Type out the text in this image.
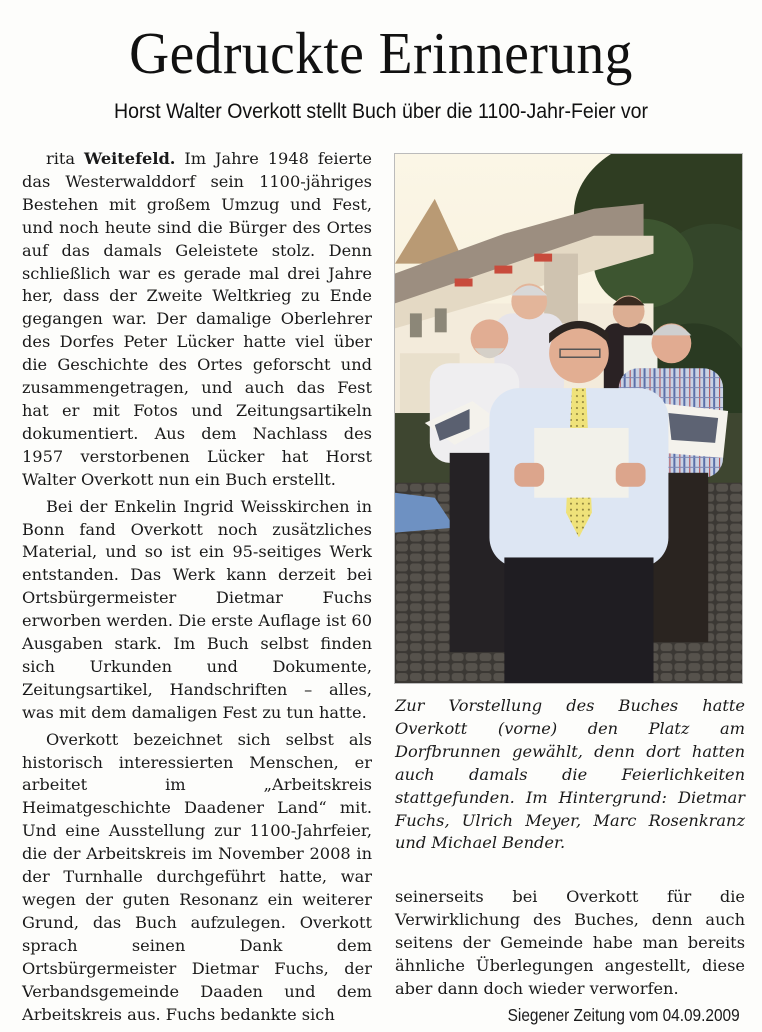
Gedruckte Erinnerung
Horst Walter Overkott stellt Buch über die 1100-Jahr-Feier vor

rita Weitefeld. Im Jahre 1948 feierte das Westerwalddorf sein 1100-jähriges Bestehen mit großem Umzug und Fest, und noch heute sind die Bürger des Ortes auf das damals Geleistete stolz. Denn schließlich war es gerade mal drei Jahre her, dass der Zweite Weltkrieg zu Ende gegangen war. Der damalige Oberlehrer des Dorfes Peter Lücker hatte viel über die Geschichte des Ortes geforscht und zusammengetragen, und auch das Fest hat er mit Fotos und Zeitungsartikeln dokumentiert. Aus dem Nachlass des 1957 verstorbenen Lücker hat Horst Walter Overkott nun ein Buch erstellt.

Bei der Enkelin Ingrid Weisskirchen in Bonn fand Overkott noch zusätzliches Material, und so ist ein 95-seitiges Werk entstanden. Das Werk kann derzeit bei Ortsbürgermeister Dietmar Fuchs erworben werden. Die erste Auflage ist 60 Ausgaben stark. Im Buch selbst finden sich Urkunden und Dokumente, Zeitungsartikel, Handschriften – alles, was mit dem damaligen Fest zu tun hatte.

Overkott bezeichnet sich selbst als historisch interessierten Menschen, er arbeitet im „Arbeitskreis Heimatgeschichte Daadener Land“ mit. Und eine Ausstellung zur 1100-Jahrfeier, die der Arbeitskreis im November 2008 in der Turnhalle durchgeführt hatte, war wegen der guten Resonanz ein weiterer Grund, das Buch aufzulegen. Overkott sprach seinen Dank dem Ortsbürgermeister Dietmar Fuchs, der Verbandsgemeinde Daaden und dem Arbeitskreis aus. Fuchs bedankte sich

Zur Vorstellung des Buches hatte Overkott (vorne) den Platz am Dorfbrunnen gewählt, denn dort hatten auch damals die Feierlichkeiten stattgefunden. Im Hintergrund: Dietmar Fuchs, Ulrich Meyer, Marc Rosenkranz und Michael Bender.

seinerseits bei Overkott für die Verwirklichung des Buches, denn auch seitens der Gemeinde habe man bereits ähnliche Überlegungen angestellt, diese aber dann doch wieder verworfen.

Siegener Zeitung vom 04.09.2009
